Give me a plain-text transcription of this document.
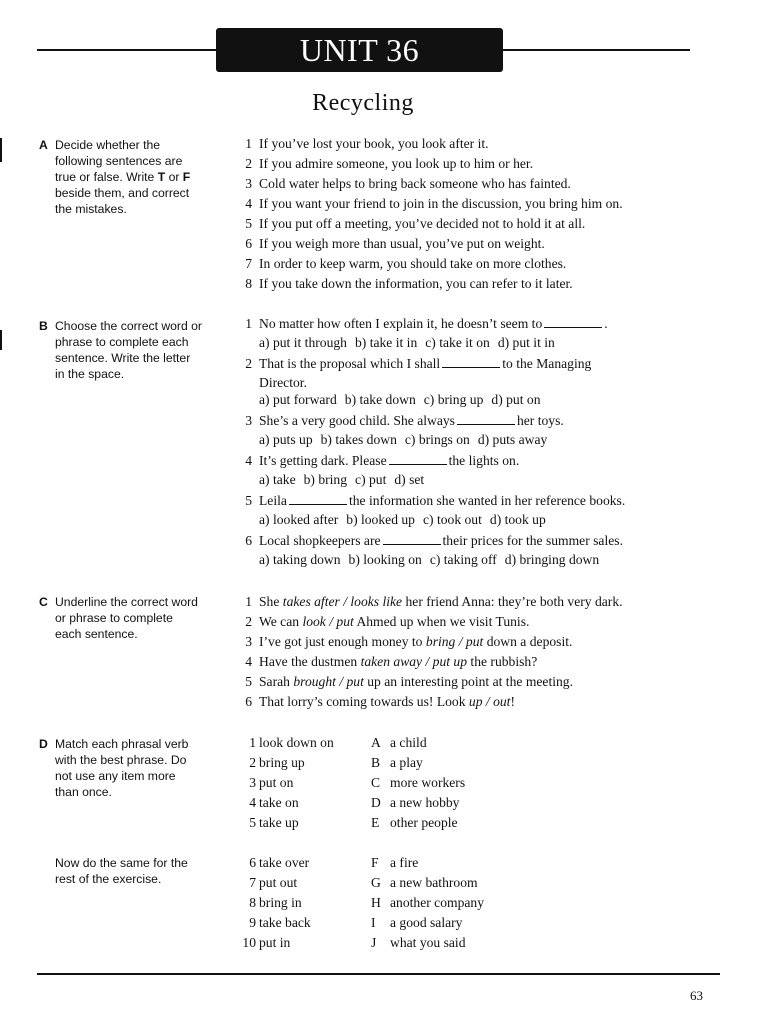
UNIT 36
Recycling
A Decide whether the
following sentences are
true or false. Write T or F
beside them, and correct
the mistakes.
1 If you’ve lost your book, you look after it.
2 If you admire someone, you look up to him or her.
3 Cold water helps to bring back someone who has fainted.
4 If you want your friend to join in the discussion, you bring him on.
5 If you put off a meeting, you’ve decided not to hold it at all.
6 If you weigh more than usual, you’ve put on weight.
7 In order to keep warm, you should take on more clothes.
8 If you take down the information, you can refer to it later.
B Choose the correct word or
phrase to complete each
sentence. Write the letter
in the space.
1 No matter how often I explain it, he doesn’t seem to	.
a) put it through b) take it in c) take it on d) put it in
2 That is the proposal which I shall	to the Managing
Director.
a) put forward b) take down c) bring up d) put on
3 She’s a very good child. She always	her toys.
a) puts up b) takes down c) brings on d) puts away
4 It’s getting dark. Please	the lights on.
a) take b) bring c) put d) set
5 Leila	the information she wanted in her reference books.
a) looked after b) looked up c) took out d) took up
6 Local shopkeepers are	their prices for the summer sales.
a) taking down b) looking on c) taking off d) bringing down
C Underline the correct word
or phrase to complete
each sentence.
1 She takes after / looks like her friend Anna: they’re both very dark.
2 We can look / put Ahmed up when we visit Tunis.
3 I’ve got just enough money to bring / put down a deposit.
4 Have the dustmen taken away / put up the rubbish?
5 Sarah brought / put up an interesting point at the meeting.
6 That lorry’s coming towards us! Look up / out!
D Match each phrasal verb
with the best phrase. Do
not use any item more
than once.
1 look down on	A a child
2 bring up	B a play
3 put on	C more workers
4 take on	D a new hobby
5 take up	E other people
Now do the same for the
rest of the exercise.
6 take over	F a fire
7 put out	G a new bathroom
8 bring in	H another company
9 take back	I a good salary
10 put in	J what you said
63
